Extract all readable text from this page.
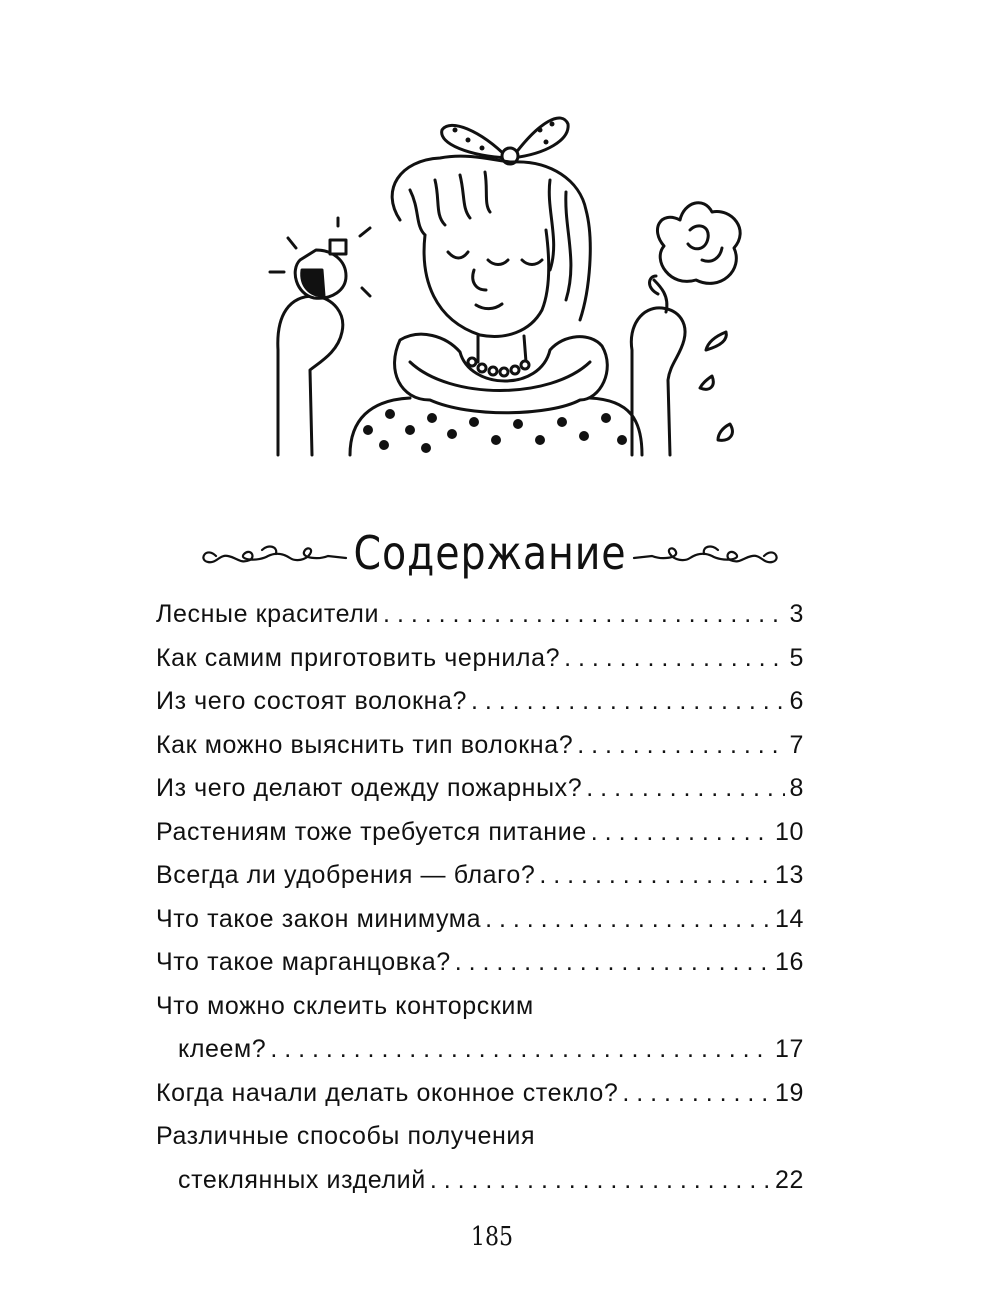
Содержание
Лесные красители . . .	3
Как самим приготовить чернила? . . .	5
Из чего состоят волокна? . . .	6
Как можно выяснить тип волокна? . . .	7
Из чего делают одежду пожарных? . . .	8
Растениям тоже требуется питание . . .	10
Всегда ли удобрения — благо? . . .	13
Что такое закон минимума . . .	14
Что такое марганцовка? . . .	16
Что можно склеить конторским
клеем? . . .	17
Когда начали делать оконное стекло? . . .	19
Различные способы получения
стеклянных изделий . . .	22
185
